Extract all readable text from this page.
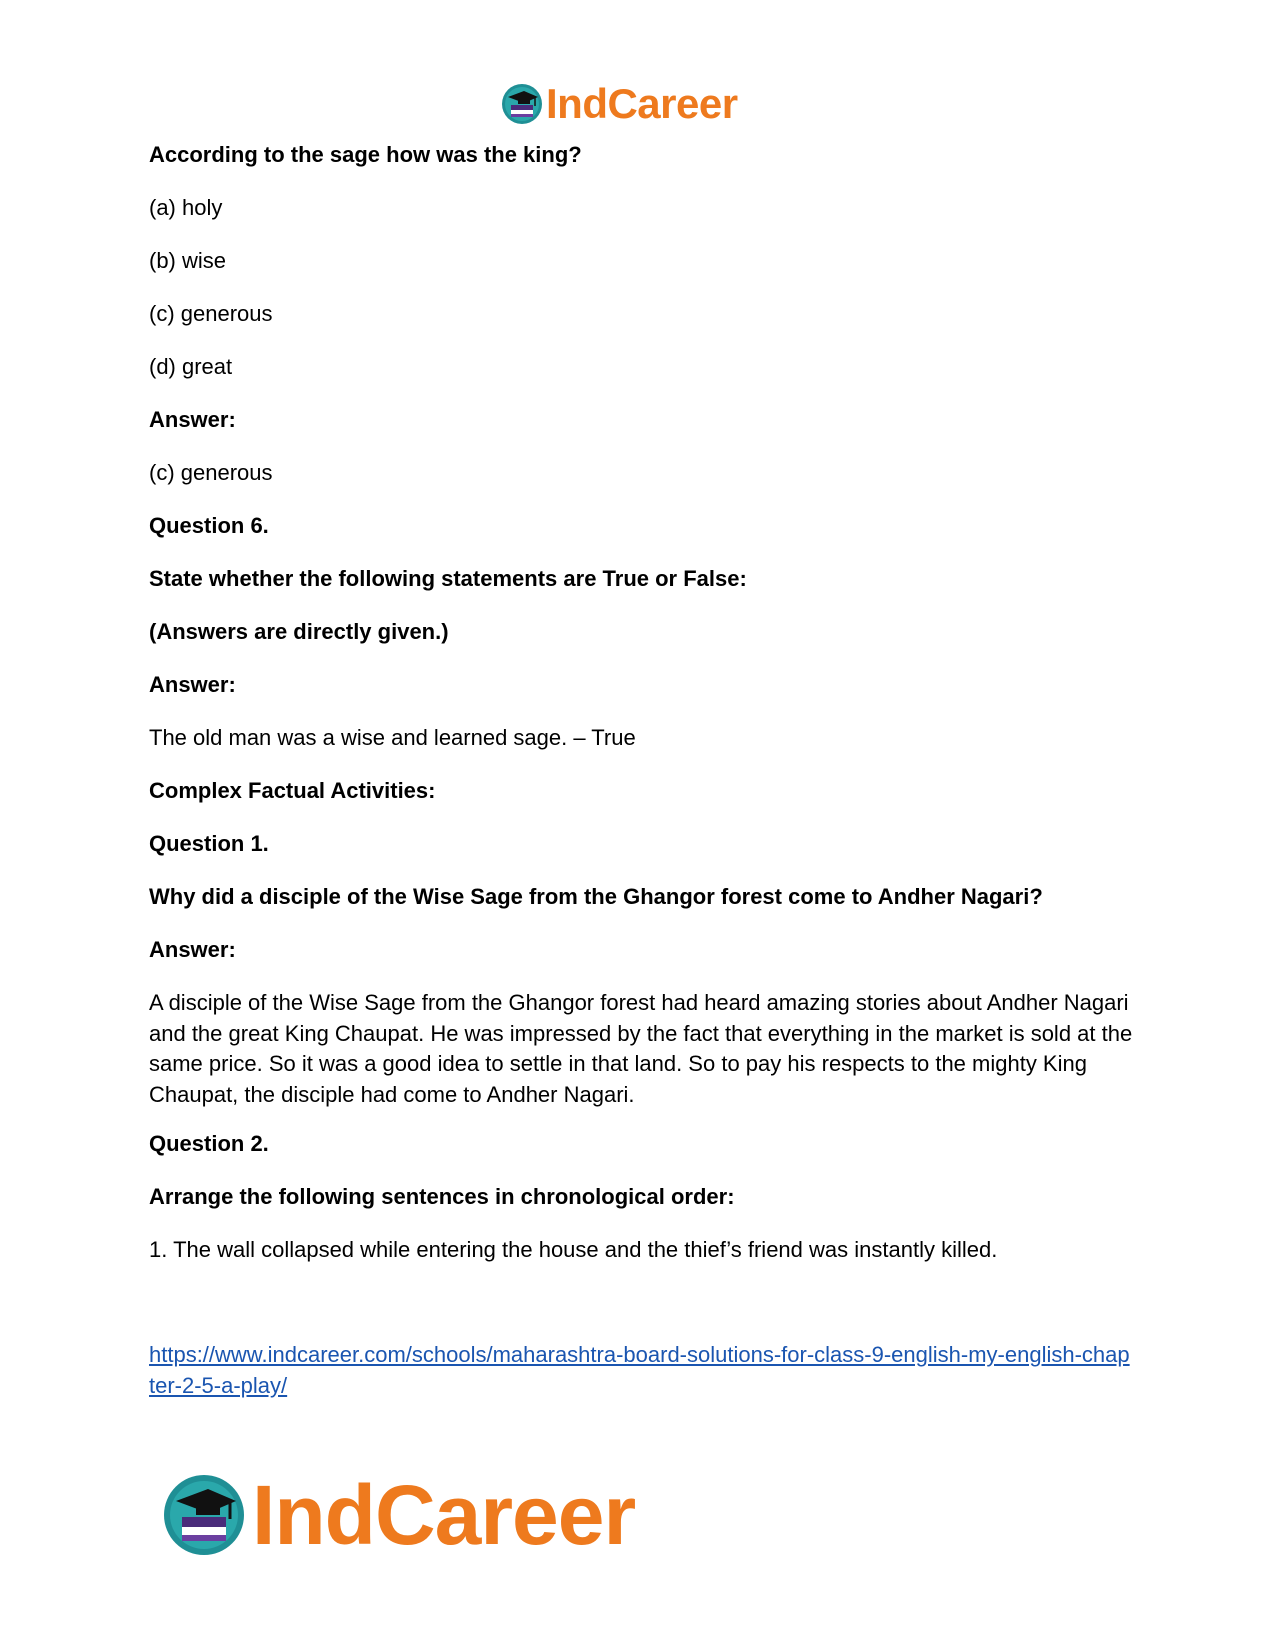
IndCareer
According to the sage how was the king?
(a) holy
(b) wise
(c) generous
(d) great
Answer:
(c) generous
Question 6.
State whether the following statements are True or False:
(Answers are directly given.)
Answer:
The old man was a wise and learned sage. – True
Complex Factual Activities:
Question 1.
Why did a disciple of the Wise Sage from the Ghangor forest come to Andher Nagari?
Answer:
A disciple of the Wise Sage from the Ghangor forest had heard amazing stories about Andher Nagari and the great King Chaupat. He was impressed by the fact that everything in the market is sold at the same price. So it was a good idea to settle in that land. So to pay his respects to the mighty King Chaupat, the disciple had come to Andher Nagari.
Question 2.
Arrange the following sentences in chronological order:
1. The wall collapsed while entering the house and the thief’s friend was instantly killed.
https://www.indcareer.com/schools/maharashtra-board-solutions-for-class-9-english-my-english-chapter-2-5-a-play/
IndCareer
